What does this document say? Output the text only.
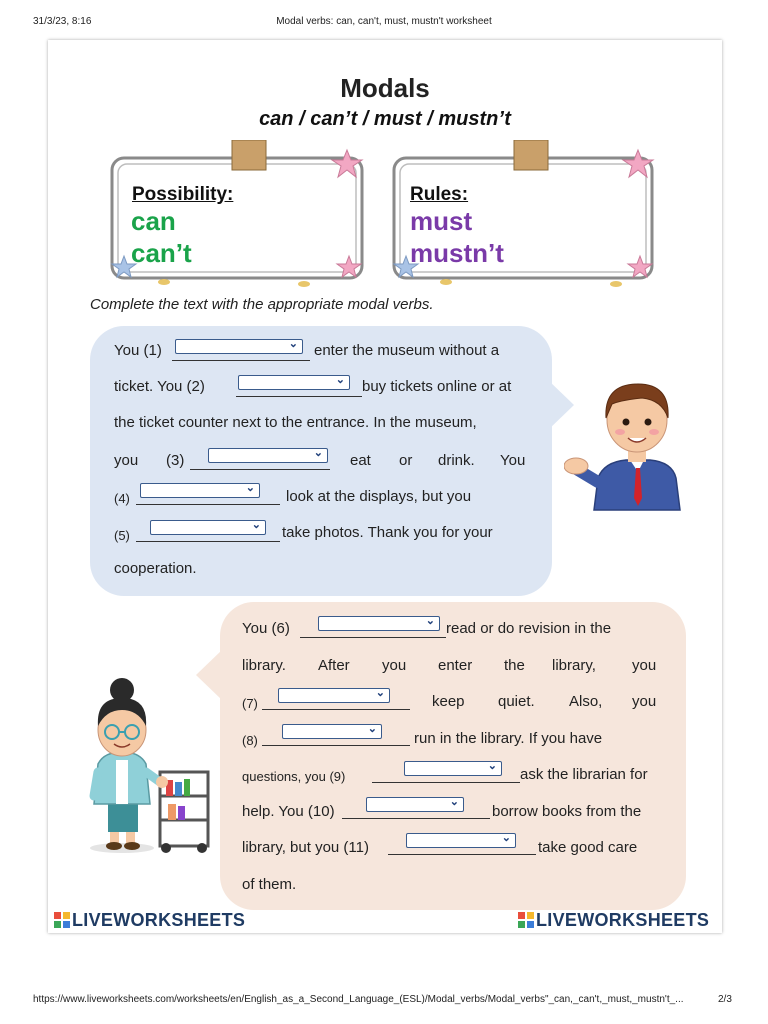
31/3/23, 8:16	Modal verbs: can, can't, must, mustn't worksheet
Modals
can / can’t / must / mustn’t
Possibility:
can
can’t
Rules:
must
mustn’t
Complete the text with the appropriate modal verbs.
You (1)	⌄ enter the museum without a
ticket. You (2)	⌄ buy tickets online or at
the ticket counter next to the entrance. In the museum,
you (3)	⌄ eat or drink. You
(4)
⌄
look at the displays, but you
(5)
⌄ take photos. Thank you for your
cooperation.
You (6)	⌄ read or do revision in the
library. After you enter the library, you
(7)
⌄
keep quiet. Also, you
(8)
⌄
run in the library. If you have
questions, you (9)
⌄
ask the librarian for
help. You (10)
⌄
borrow books from the
library, but you (11)
⌄
take good care
of them.
LIVEWORKSHEETS	LIVEWORKSHEETS
https://www.liveworksheets.com/worksheets/en/English_as_a_Second_Language_(ESL)/Modal_verbs/Modal_verbs"_can,_can't,_must,_mustn't_...	2/3
